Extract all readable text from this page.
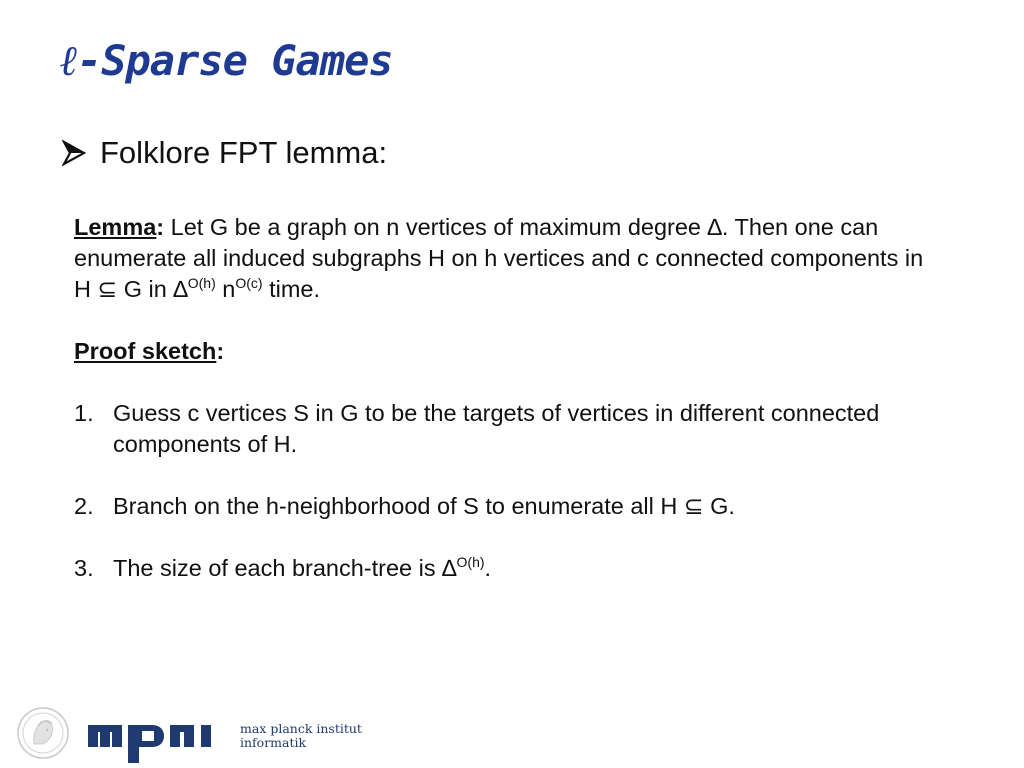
ℓ-Sparse Games
Folklore FPT lemma:

Lemma: Let G be a graph on n vertices of maximum degree ∆. Then one can enumerate all induced subgraphs H on h vertices and c connected components in H ⊆ G in ∆$^{O(h)}$ $n^{O(c)}$ time.

Proof sketch:

1. Guess c vertices S in G to be the targets of vertices in different connected components of H.
2. Branch on the h-neighborhood of S to enumerate all H ⊆ G.
3. The size of each branch-tree is ∆$^{O(h)}$.
max planck institut
informatik
